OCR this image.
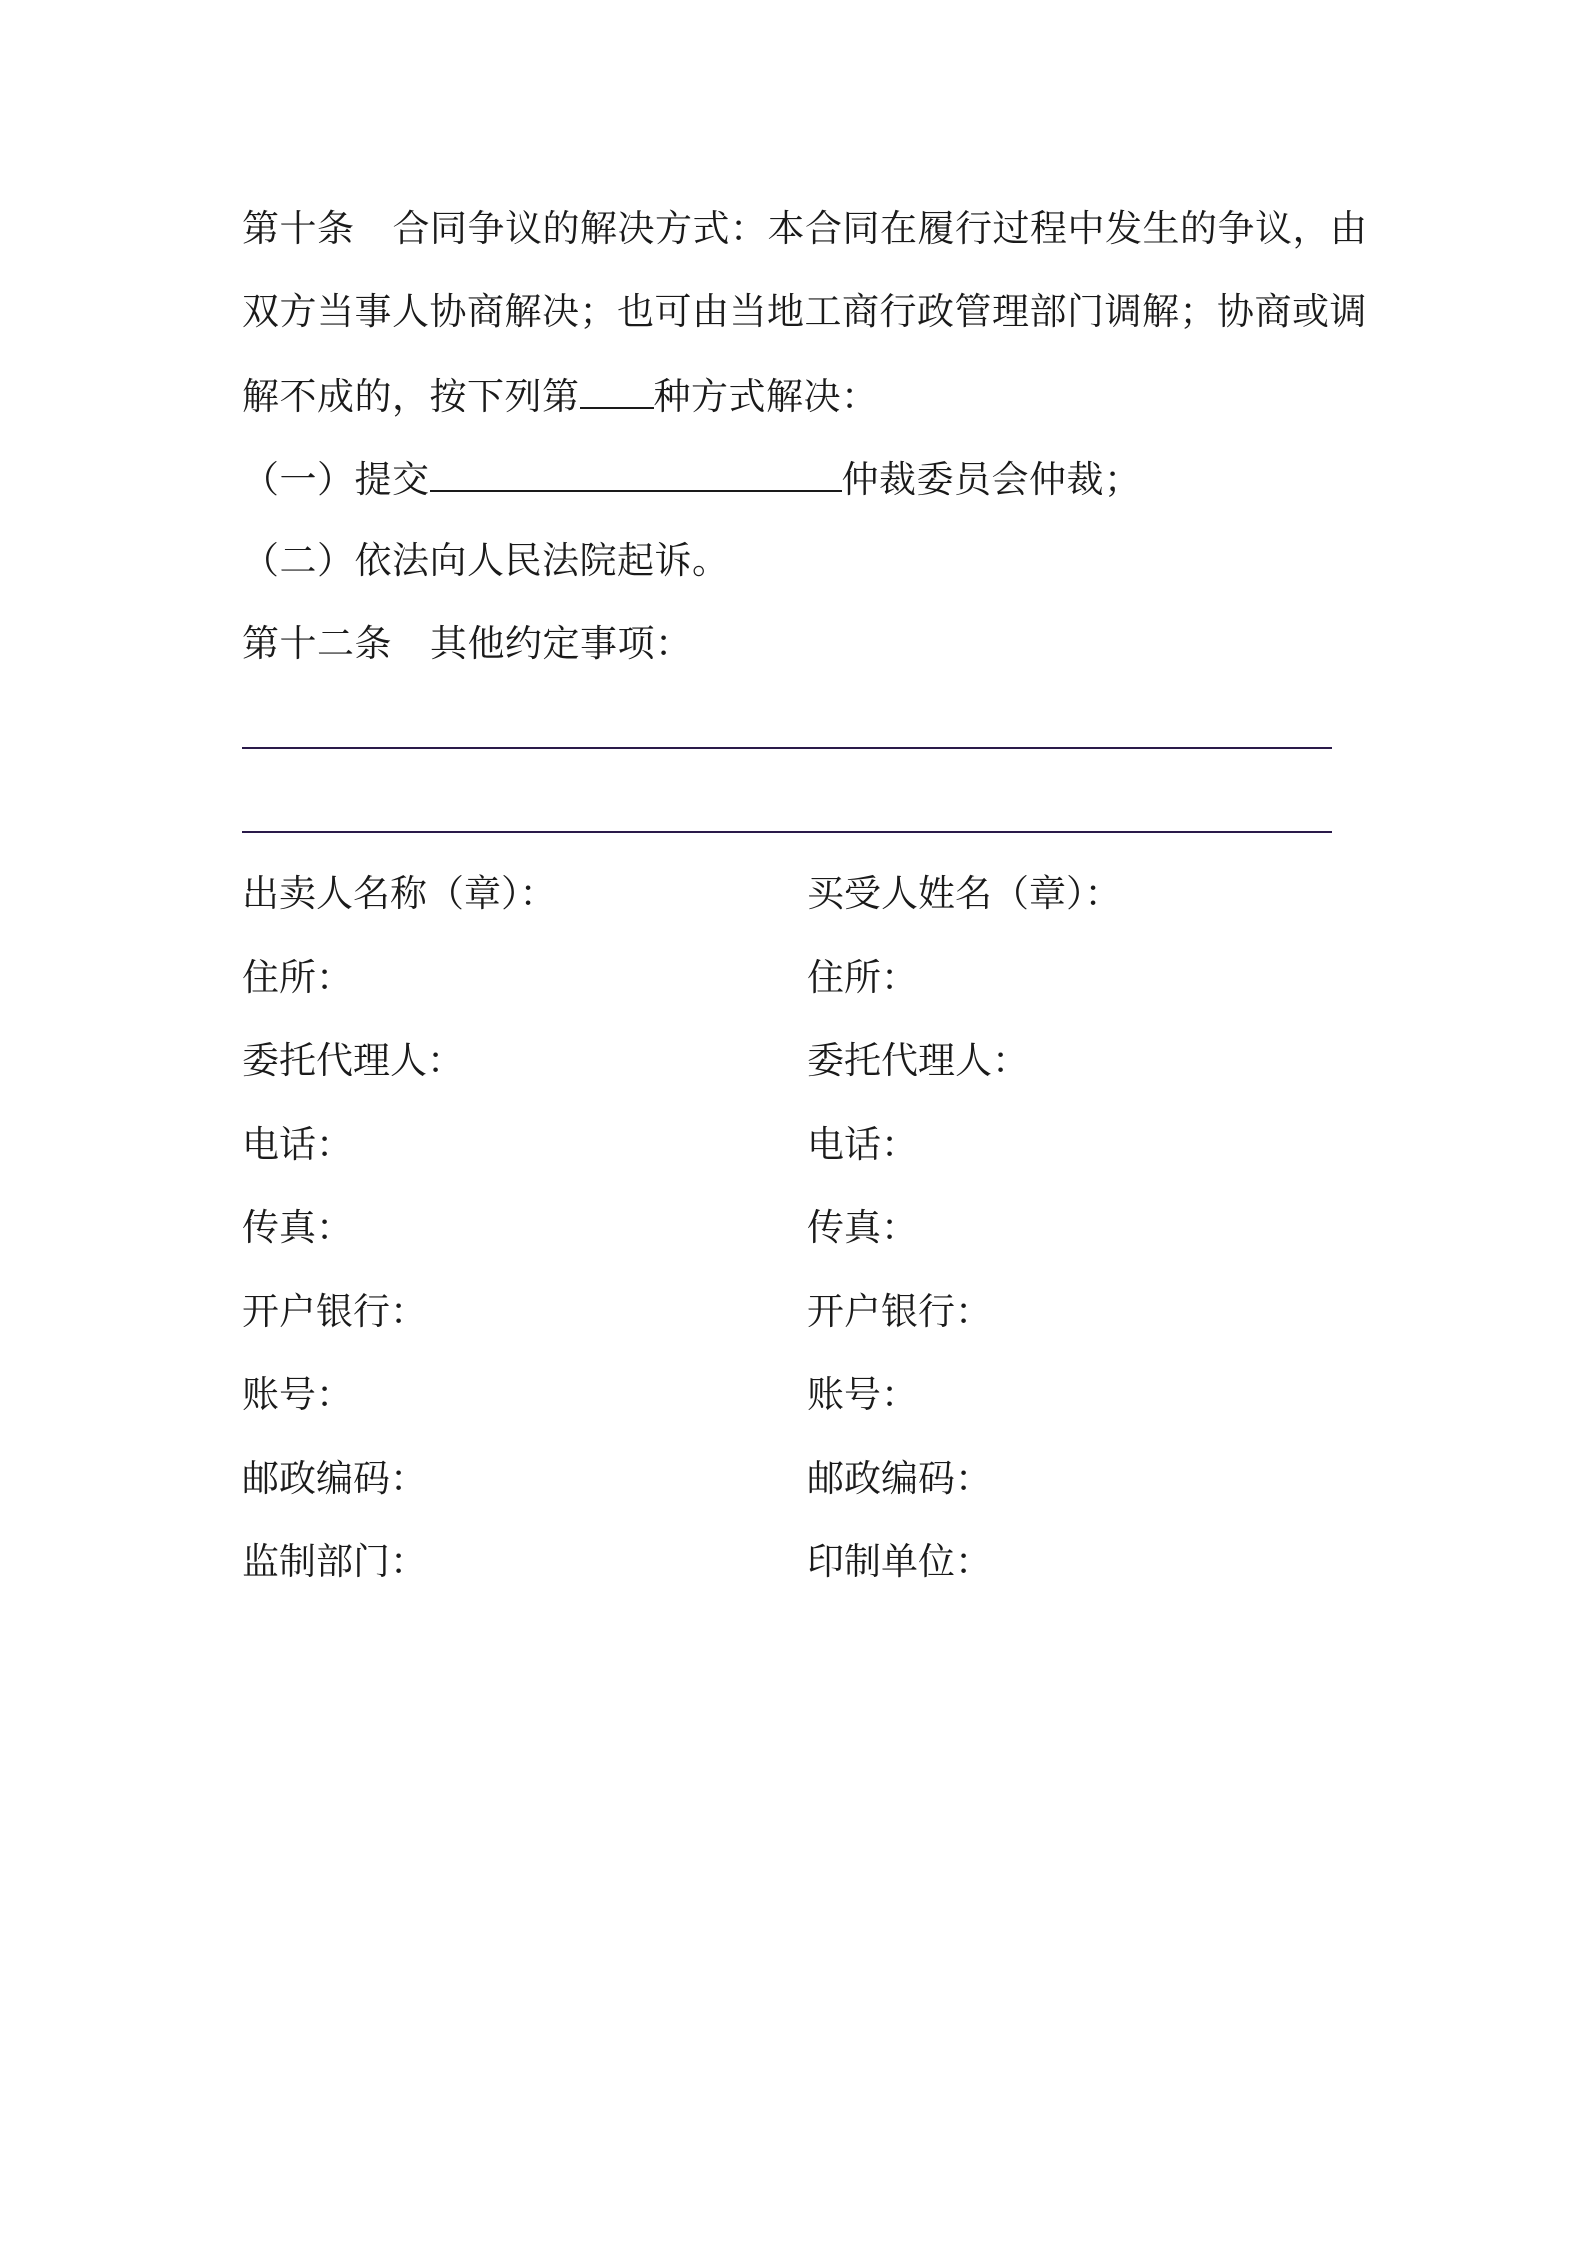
第十条 合同争议的解决方式：本合同在履行过程中发生的争议，由
双方当事人协商解决；也可由当地工商行政管理部门调解；协商或调
解不成的，按下列第 种方式解决：
（一）提交	仲裁委员会仲裁；
（二）依法向人民法院起诉。
第十二条 其他约定事项：
出卖人名称（章）：
住所：
委托代理人：
电话：
传真：
开户银行：
账号：
邮政编码：
监制部门：
买受人姓名（章）：
住所：
委托代理人：
电话：
传真：
开户银行：
账号：
邮政编码：
印制单位：
